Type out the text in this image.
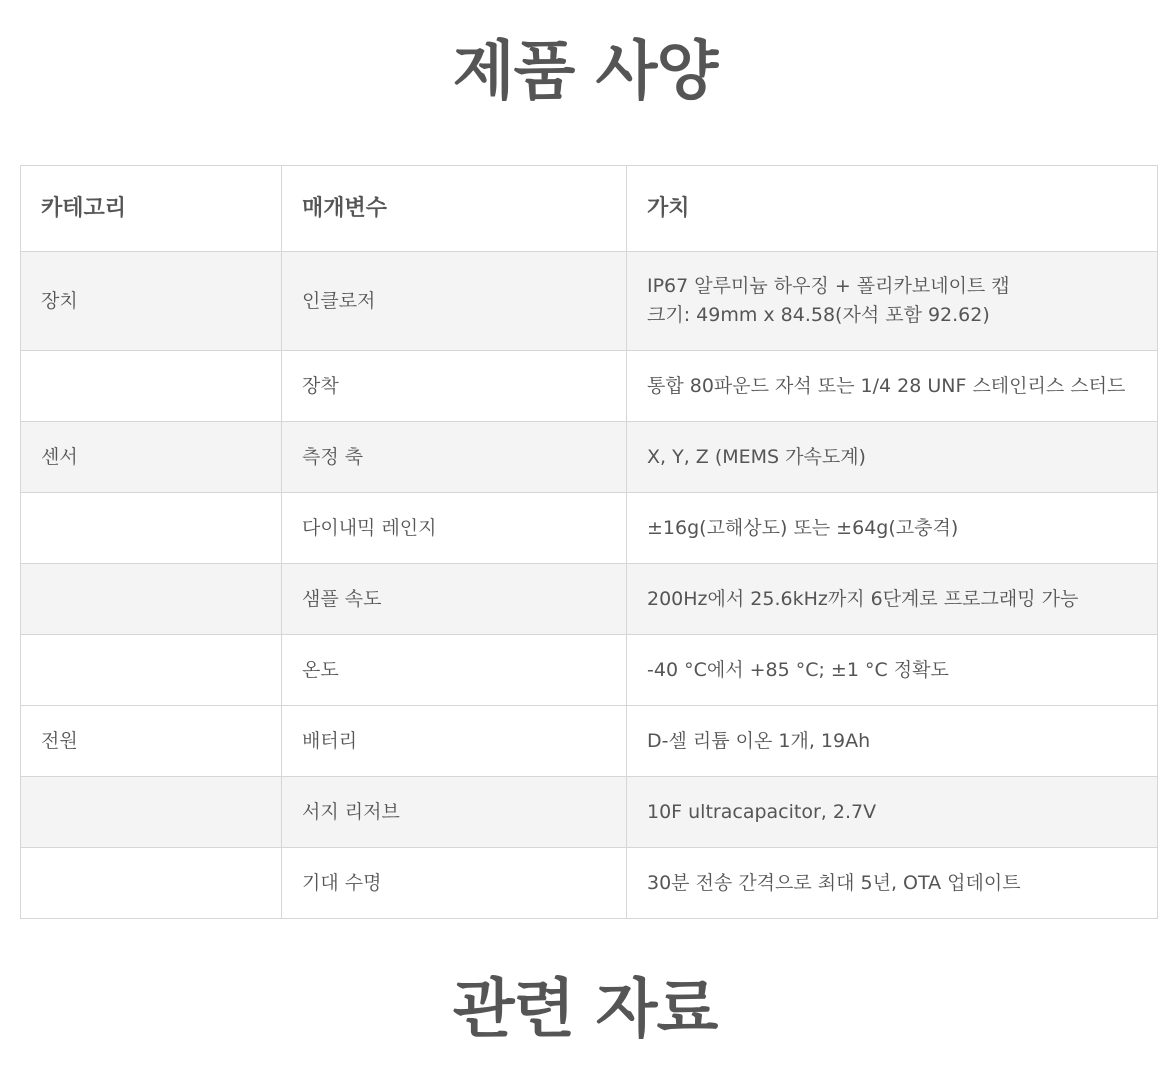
제품 사양
카테고리	매개변수	가치
장치	인클로저	IP67 알루미늄 하우징 + 폴리카보네이트 캡
크기: 49mm x 84.58(자석 포함 92.62)

	장착	통합 80파운드 자석 또는 1/4 28 UNF 스테인리스 스터드
센서	측정 축	X, Y, Z (MEMS 가속도계)
	다이내믹 레인지	±16g(고해상도) 또는 ±64g(고충격)
	샘플 속도	200Hz에서 25.6kHz까지 6단계로 프로그래밍 가능
	온도	-40 °C에서 +85 °C; ±1 °C 정확도
전원	배터리	D-셀 리튬 이온 1개, 19Ah
	서지 리저브	10F ultracapacitor, 2.7V
	기대 수명	30분 전송 간격으로 최대 5년, OTA 업데이트
관련 자료
